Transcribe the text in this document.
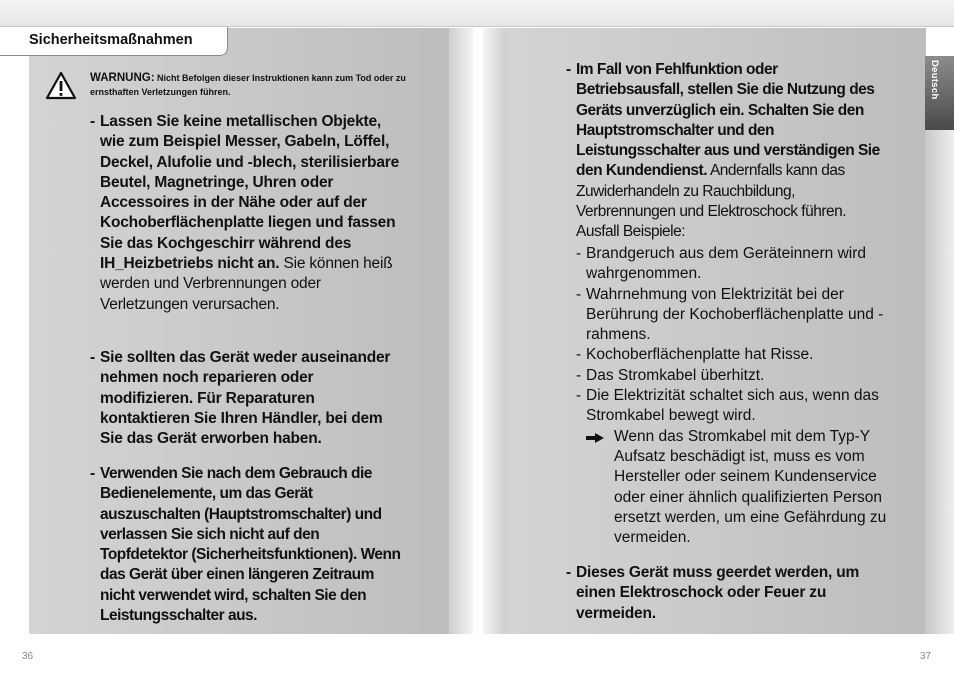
Sicherheitsmaßnahmen
Deutsch
WARNUNG: Nicht Befolgen dieser Instruktionen kann zum Tod oder zu ernsthaften Verletzungen führen.
- Lassen Sie keine metallischen Objekte, wie zum Beispiel Messer, Gabeln, Löffel, Deckel, Alufolie und -blech, sterilisierbare Beutel, Magnetringe, Uhren oder Accessoires in der Nähe oder auf der Kochoberflächenplatte liegen und fassen Sie das Kochgeschirr während des IH_Heizbetriebs nicht an. Sie können heiß werden und Verbrennungen oder Verletzungen verursachen.
- Sie sollten das Gerät weder auseinander nehmen noch reparieren oder modifizieren. Für Reparaturen kontaktieren Sie Ihren Händler, bei dem Sie das Gerät erworben haben.
- Verwenden Sie nach dem Gebrauch die Bedienelemente, um das Gerät auszuschalten (Hauptstromschalter) und verlassen Sie sich nicht auf den Topfdetektor (Sicherheitsfunktionen). Wenn das Gerät über einen längeren Zeitraum nicht verwendet wird, schalten Sie den Leistungsschalter aus.
- Im Fall von Fehlfunktion oder Betriebsausfall, stellen Sie die Nutzung des Geräts unverzüglich ein. Schalten Sie den Hauptstromschalter und den Leistungsschalter aus und verständigen Sie den Kundendienst. Andernfalls kann das Zuwiderhandeln zu Rauchbildung, Verbrennungen und Elektroschock führen. Ausfall Beispiele:
- Brandgeruch aus dem Geräteinnern wird wahrgenommen.
- Wahrnehmung von Elektrizität bei der Berührung der Kochoberflächenplatte und -rahmens.
- Kochoberflächenplatte hat Risse.
- Das Stromkabel überhitzt.
- Die Elektrizität schaltet sich aus, wenn das Stromkabel bewegt wird.
Wenn das Stromkabel mit dem Typ-Y Aufsatz beschädigt ist, muss es vom Hersteller oder seinem Kundenservice oder einer ähnlich qualifizierten Person ersetzt werden, um eine Gefährdung zu vermeiden.
- Dieses Gerät muss geerdet werden, um einen Elektroschock oder Feuer zu vermeiden.
36	37
